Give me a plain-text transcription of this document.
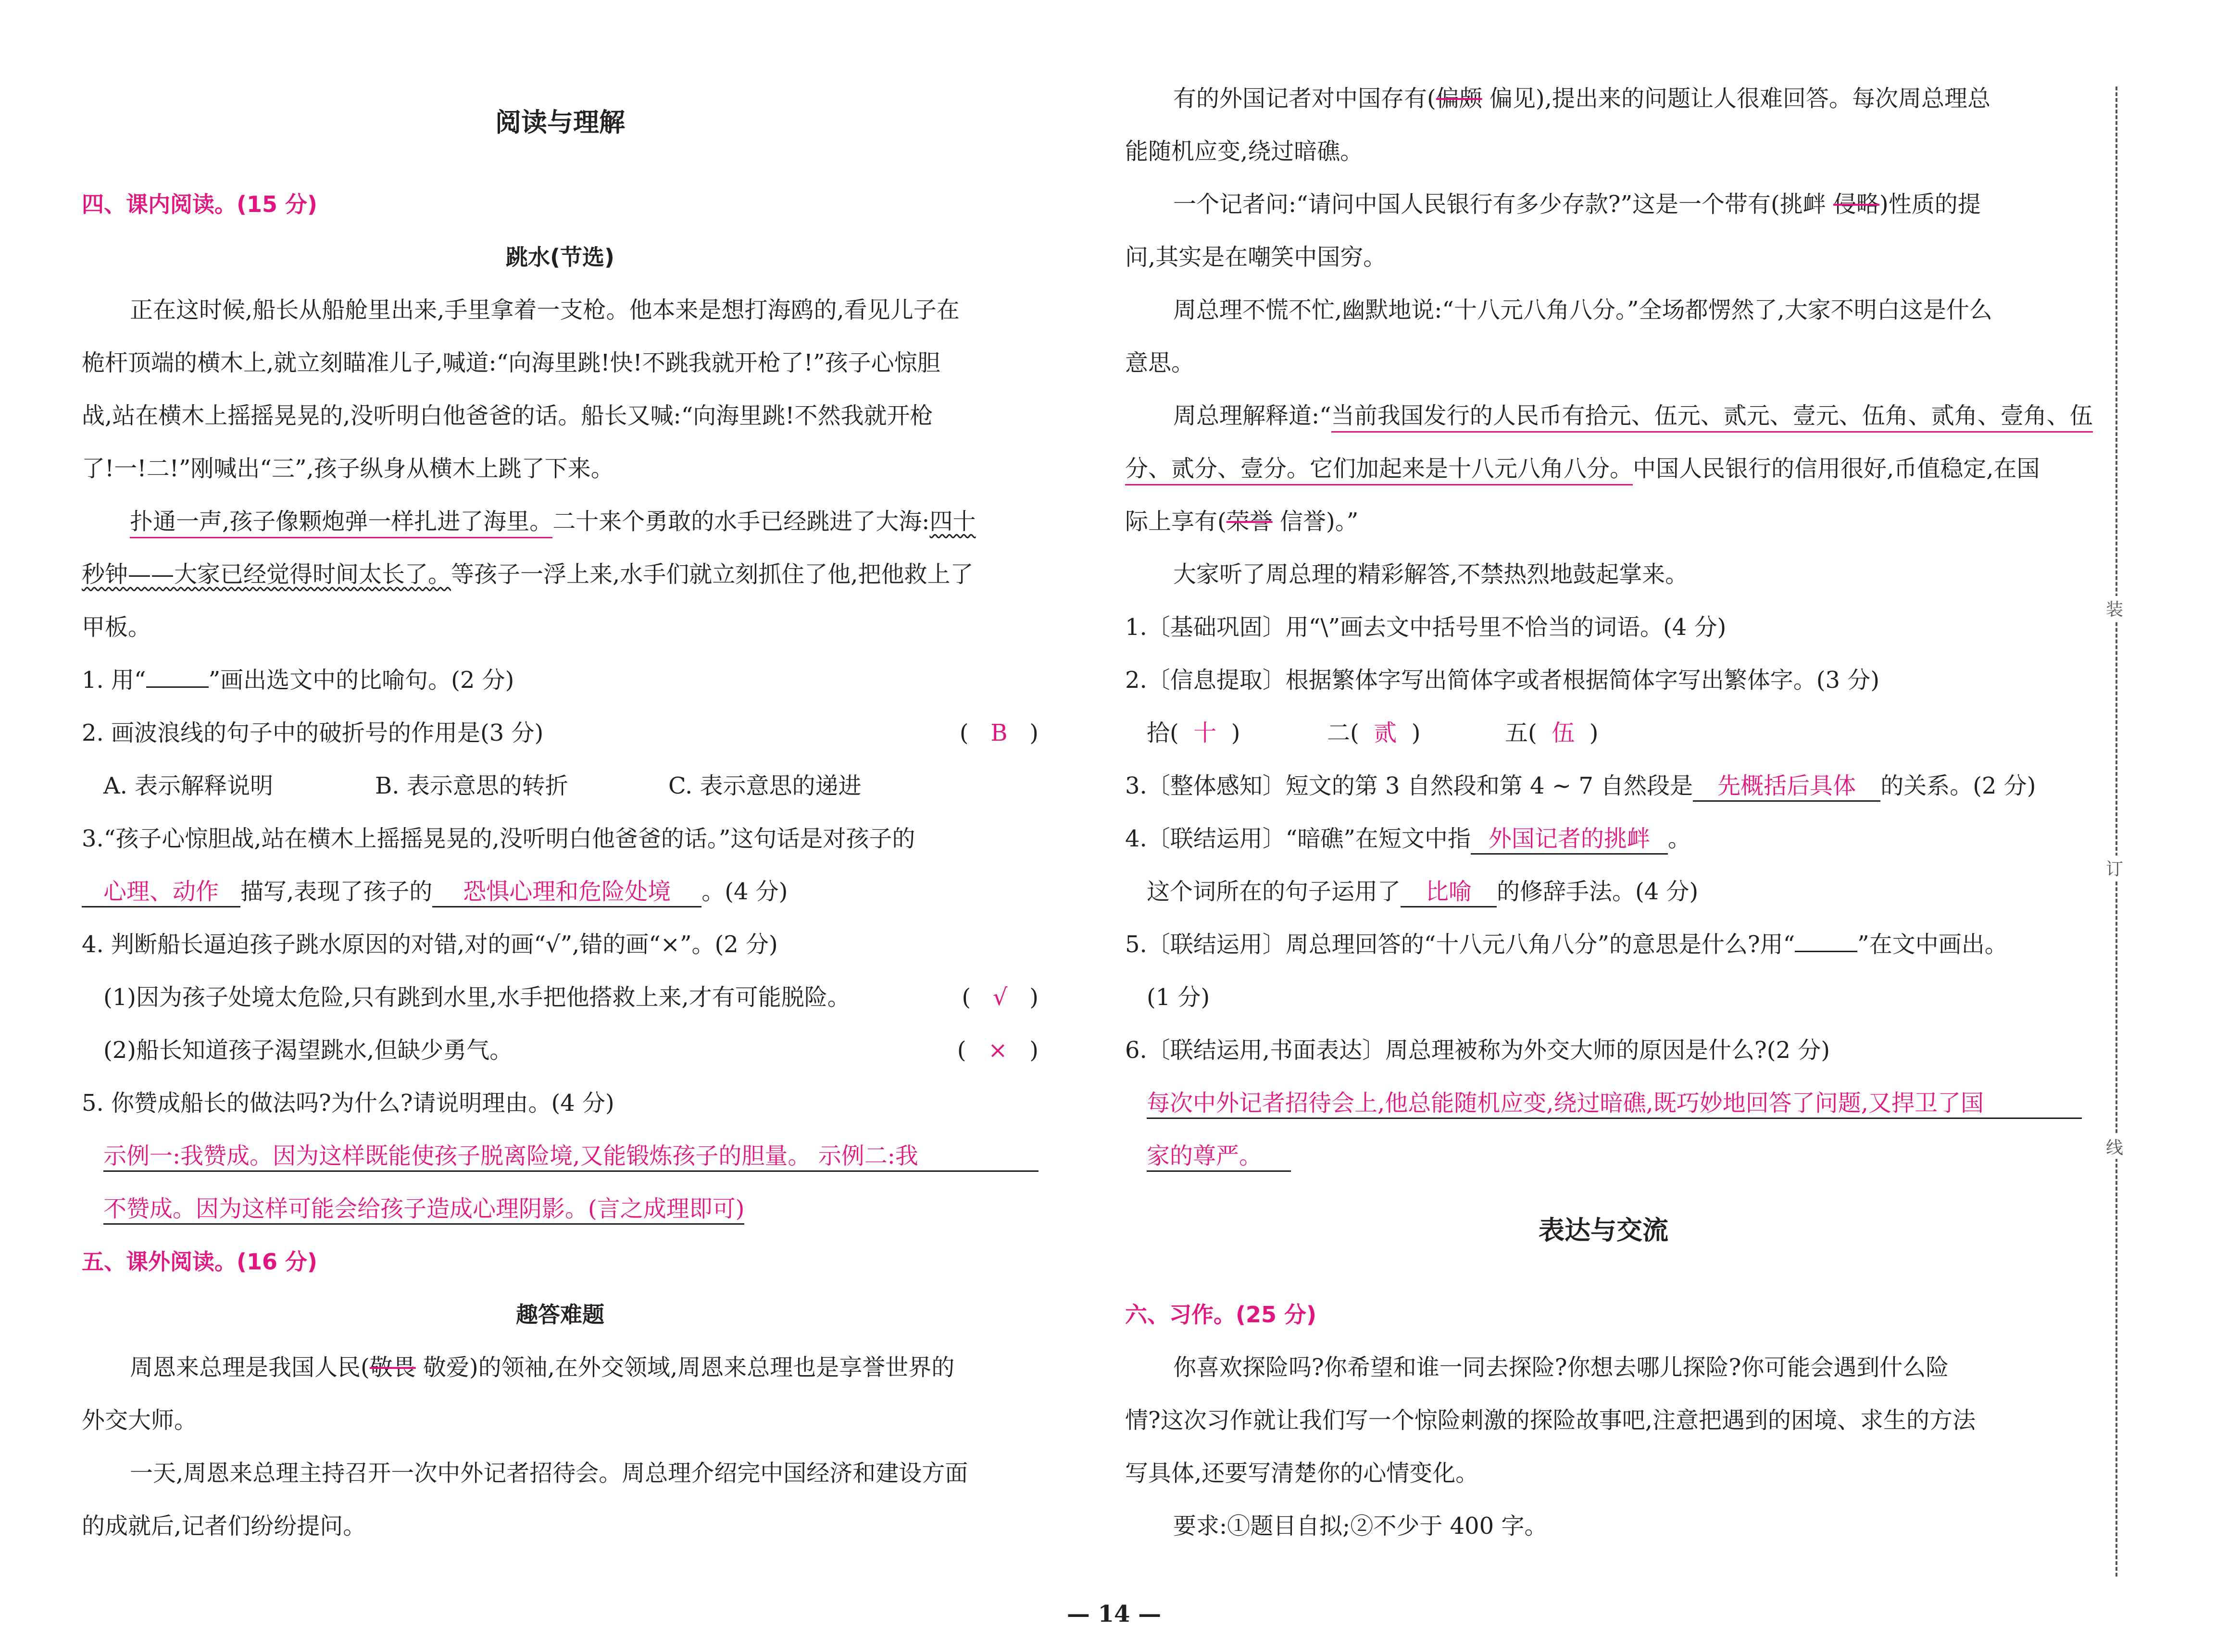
阅读与理解
四、课内阅读。(15 分)
跳水(节选)
正在这时候,船长从船舱里出来,手里拿着一支枪。他本来是想打海鸥的,看见儿子在
桅杆顶端的横木上,就立刻瞄准儿子,喊道:“向海里跳!快!不跳我就开枪了!”孩子心惊胆
战,站在横木上摇摇晃晃的,没听明白他爸爸的话。船长又喊:“向海里跳!不然我就开枪
了!一!二!”刚喊出“三”,孩子纵身从横木上跳了下来。
扑通一声,孩子像颗炮弹一样扎进了海里。二十来个勇敢的水手已经跳进了大海:四十
秒钟——大家已经觉得时间太长了。等孩子一浮上来,水手们就立刻抓住了他,把他救上了
甲板。
1. 用“	”画出选文中的比喻句。(2 分)
2. 画波浪线的句子中的破折号的作用是(3 分)	(   B   )
A. 表示解释说明	B. 表示意思的转折	C. 表示意思的递进
3.“孩子心惊胆战,站在横木上摇摇晃晃的,没听明白他爸爸的话。”这句话是对孩子的
心理、动作 描写,表现了孩子的 恐惧心理和危险处境 。(4 分)
4. 判断船长逼迫孩子跳水原因的对错,对的画“√”,错的画“×”。(2 分)
(1)因为孩子处境太危险,只有跳到水里,水手把他搭救上来,才有可能脱险。	(   √   )
(2)船长知道孩子渴望跳水,但缺少勇气。	(   ×   )
5. 你赞成船长的做法吗?为什么?请说明理由。(4 分)
示例一:我赞成。因为这样既能使孩子脱离险境,又能锻炼孩子的胆量。 示例二:我
不赞成。因为这样可能会给孩子造成心理阴影。(言之成理即可)
五、课外阅读。(16 分)
趣答难题
周恩来总理是我国人民(敬畏 敬爱)的领袖,在外交领域,周恩来总理也是享誉世界的
外交大师。
一天,周恩来总理主持召开一次中外记者招待会。周总理介绍完中国经济和建设方面
的成就后,记者们纷纷提问。
有的外国记者对中国存有(偏颇 偏见),提出来的问题让人很难回答。每次周总理总
能随机应变,绕过暗礁。
一个记者问:“请问中国人民银行有多少存款?”这是一个带有(挑衅 侵略)性质的提
问,其实是在嘲笑中国穷。
周总理不慌不忙,幽默地说:“十八元八角八分。”全场都愣然了,大家不明白这是什么
意思。
周总理解释道:“当前我国发行的人民币有拾元、伍元、贰元、壹元、伍角、贰角、壹角、伍
分、贰分、壹分。它们加起来是十八元八角八分。中国人民银行的信用很好,币值稳定,在国
际上享有(荣誉 信誉)。”
大家听了周总理的精彩解答,不禁热烈地鼓起掌来。
1.〔基础巩固〕用“\”画去文中括号里不恰当的词语。(4 分)
2.〔信息提取〕根据繁体字写出简体字或者根据简体字写出繁体字。(3 分)
拾( 十 )	二( 贰 )	五( 伍 )
3.〔整体感知〕短文的第 3 自然段和第 4 ~ 7 自然段是 先概括后具体 的关系。(2 分)
4.〔联结运用〕“暗礁”在短文中指 外国记者的挑衅 。
这个词所在的句子运用了 比喻 的修辞手法。(4 分)
5.〔联结运用〕周总理回答的“十八元八角八分”的意思是什么?用“	”在文中画出。
(1 分)
6.〔联结运用,书面表达〕周总理被称为外交大师的原因是什么?(2 分)
每次中外记者招待会上,他总能随机应变,绕过暗礁,既巧妙地回答了问题,又捍卫了国
家的尊严。
表达与交流
六、习作。(25 分)
你喜欢探险吗?你希望和谁一同去探险?你想去哪儿探险?你可能会遇到什么险
情?这次习作就让我们写一个惊险刺激的探险故事吧,注意把遇到的困境、求生的方法
写具体,还要写清楚你的心情变化。
要求:①题目自拟;②不少于 400 字。
装
订
线
— 14 —
